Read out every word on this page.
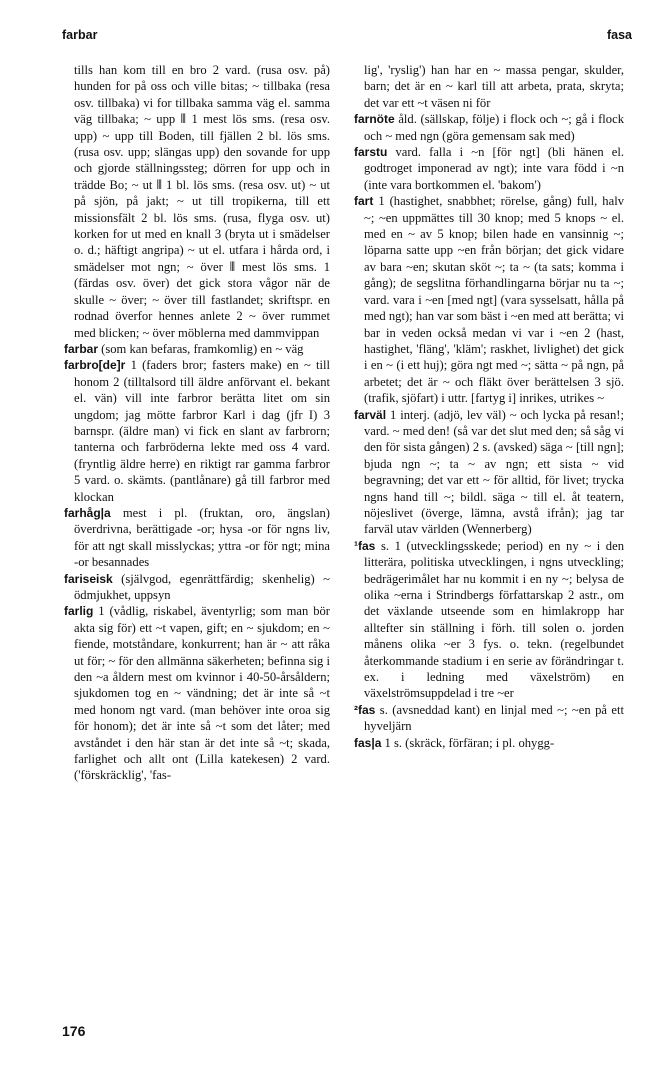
farbar	fasa

tills han kom till en bro 2 vard. (rusa osv. på) hunden for på oss och ville bitas; ~ tillbaka (resa osv. tillbaka) vi for tillbaka samma väg el. samma väg tillbaka; ~ upp ⦀ 1 mest lös sms. (resa osv. upp) ~ upp till Boden, till fjällen 2 bl. lös sms. (rusa osv. upp; slängas upp) den sovande for upp och gjorde ställningssteg; dörren for upp och in trädde Bo; ~ ut ⦀ 1 bl. lös sms. (resa osv. ut) ~ ut på sjön, på jakt; ~ ut till tropikerna, till ett missionsfält 2 bl. lös sms. (rusa, flyga osv. ut) korken for ut med en knall 3 (bryta ut i smädelser o. d.; häftigt angripa) ~ ut el. utfara i hårda ord, i smädelser mot ngn; ~ över ⦀ mest lös sms. 1 (färdas osv. över) det gick stora vågor när de skulle ~ över; ~ över till fastlandet; skriftspr. en rodnad överfor hennes anlete 2 ~ över rummet med blicken; ~ över möblerna med dammvippan

farbar (som kan befaras, framkomlig) en ~ väg

farbro[de]r 1 (faders bror; fasters make) en ~ till honom 2 (tilltalsord till äldre anförvant el. bekant el. vän) vill inte farbror berätta litet om sin ungdom; jag mötte farbror Karl i dag (jfr I) 3 barnspr. (äldre man) vi fick en slant av farbrorn; tanterna och farbröderna lekte med oss 4 vard. (fryntlig äldre herre) en riktigt rar gamma farbror 5 vard. o. skämts. (pantlånare) gå till farbror med klockan

farhåg|a mest i pl. (fruktan, oro, ängslan) överdrivna, berättigade -or; hysa -or för ngns liv, för att ngt skall misslyckas; yttra -or för ngt; mina -or besannades

fariseisk (självgod, egenrättfärdig; skenhelig) ~ ödmjukhet, uppsyn

farlig 1 (vådlig, riskabel, äventyrlig; som man bör akta sig för) ett ~t vapen, gift; en ~ sjukdom; en ~ fiende, motståndare, konkurrent; han är ~ att råka ut för; ~ för den allmänna säkerheten; befinna sig i den ~a åldern mest om kvinnor i 40-50-årsåldern; sjukdomen tog en ~ vändning; det är inte så ~t med honom ngt vard. (man behöver inte oroa sig för honom); det är inte så ~t som det låter; med avståndet i den här stan är det inte så ~t; skada, farlighet och allt ont (Lilla katekesen) 2 vard. ('förskräcklig', 'fas-

lig', 'ryslig') han har en ~ massa pengar, skulder, barn; det är en ~ karl till att arbeta, prata, skryta; det var ett ~t väsen ni för

farnöte åld. (sällskap, följe) i flock och ~; gå i flock och ~ med ngn (göra gemensam sak med)

farstu vard. falla i ~n [för ngt] (bli hänen el. godtroget imponerad av ngt); inte vara född i ~n (inte vara bortkommen el. 'bakom')

fart 1 (hastighet, snabbhet; rörelse, gång) full, halv ~; ~en uppmättes till 30 knop; med 5 knops ~ el. med en ~ av 5 knop; bilen hade en vansinnig ~; löparna satte upp ~en från början; det gick vidare av bara ~en; skutan sköt ~; ta ~ (ta sats; komma i gång); de segslitna förhandlingarna börjar nu ta ~; vard. vara i ~en [med ngt] (vara sysselsatt, hålla på med ngt); han var som bäst i ~en med att berätta; vi bar in veden också medan vi var i ~en 2 (hast, hastighet, 'fläng', 'kläm'; raskhet, livlighet) det gick i en ~ (i ett huj); göra ngt med ~; sätta ~ på ngn, på arbetet; det är ~ och fläkt över berättelsen 3 sjö. (trafik, sjöfart) i uttr. [fartyg i] inrikes, utrikes ~

farväl 1 interj. (adjö, lev väl) ~ och lycka på resan!; vard. ~ med den! (så var det slut med den; så såg vi den för sista gången) 2 s. (avsked) säga ~ [till ngn]; bjuda ngn ~; ta ~ av ngn; ett sista ~ vid begravning; det var ett ~ för alltid, för livet; trycka ngns hand till ~; bildl. säga ~ till el. åt teatern, nöjeslivet (överge, lämna, avstå ifrån); jag tar farväl utav världen (Wennerberg)

¹fas s. 1 (utvecklingsskede; period) en ny ~ i den litterära, politiska utvecklingen, i ngns utveckling; bedrägerimålet har nu kommit i en ny ~; belysa de olika ~erna i Strindbergs författarskap 2 astr., om det växlande utseende som en himlakropp har alltefter sin ställning i förh. till solen o. jorden månens olika ~er 3 fys. o. tekn. (regelbundet återkommande stadium i en serie av förändringar t. ex. i ledning med växelström) en växelströmsuppdelad i tre ~er

²fas s. (avsneddad kant) en linjal med ~; ~en på ett hyveljärn

fas|a 1 s. (skräck, förfäran; i pl. ohygg-

176
